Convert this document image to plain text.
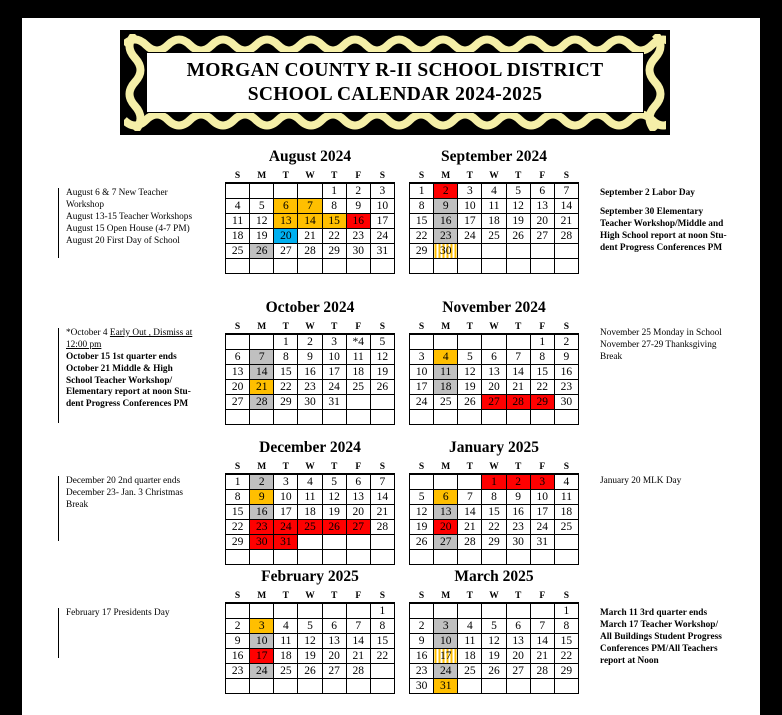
MORGAN COUNTY R-II SCHOOL DISTRICT
SCHOOL CALENDAR 2024-2025
August 2024	September 2024
October 2024	November 2024
December 2024	January 2025
February 2025	March 2025
S	M	T	W	T	F	S
				1	2	3
4	5	6	7	8	9	10
11	12	13	14	15	16	17
18	19	20	21	22	23	24
25	26	27	28	29	30	31

S	M	T	W	T	F	S
1	2	3	4	5	6	7
8	9	10	11	12	13	14
15	16	17	18	19	20	21
22	23	24	25	26	27	28
29	30					

S	M	T	W	T	F	S
		1	2	3	*4	5
6	7	8	9	10	11	12
13	14	15	16	17	18	19
20	21	22	23	24	25	26
27	28	29	30	31		

S	M	T	W	T	F	S
					1	2
3	4	5	6	7	8	9
10	11	12	13	14	15	16
17	18	19	20	21	22	23
24	25	26	27	28	29	30

S	M	T	W	T	F	S
1	2	3	4	5	6	7
8	9	10	11	12	13	14
15	16	17	18	19	20	21
22	23	24	25	26	27	28
29	30	31				

S	M	T	W	T	F	S
			1	2	3	4
5	6	7	8	9	10	11
12	13	14	15	16	17	18
19	20	21	22	23	24	25
26	27	28	29	30	31	

S	M	T	W	T	F	S
						1
2	3	4	5	6	7	8
9	10	11	12	13	14	15
16	17	18	19	20	21	22
23	24	25	26	27	28	

S	M	T	W	T	F	S
						1
2	3	4	5	6	7	8
9	10	11	12	13	14	15
16	17	18	19	20	21	22
23	24	25	26	27	28	29
30	31					
August 6 & 7 New Teacher
Workshop
August 13-15 Teacher Workshops
August 15 Open House (4-7 PM)
August 20 First Day of School
September 2 Labor Day
September 30 Elementary
Teacher Workshop/Middle and
High School report at noon Stu-
dent Progress Conferences PM
*October 4 Early Out , Dismiss at
12:00 pm
October 15 1st quarter ends
October 21 Middle & High
School Teacher Workshop/
Elementary report at noon Stu-
dent Progress Conferences PM
November 25 Monday in School
November 27-29 Thanksgiving
Break
December 20 2nd quarter ends
December 23- Jan. 3 Christmas
Break
January 20 MLK Day
February 17 Presidents Day	March 11 3rd quarter ends
March 17 Teacher Workshop/
All Buildings Student Progress
Conferences PM/All Teachers
report at Noon
